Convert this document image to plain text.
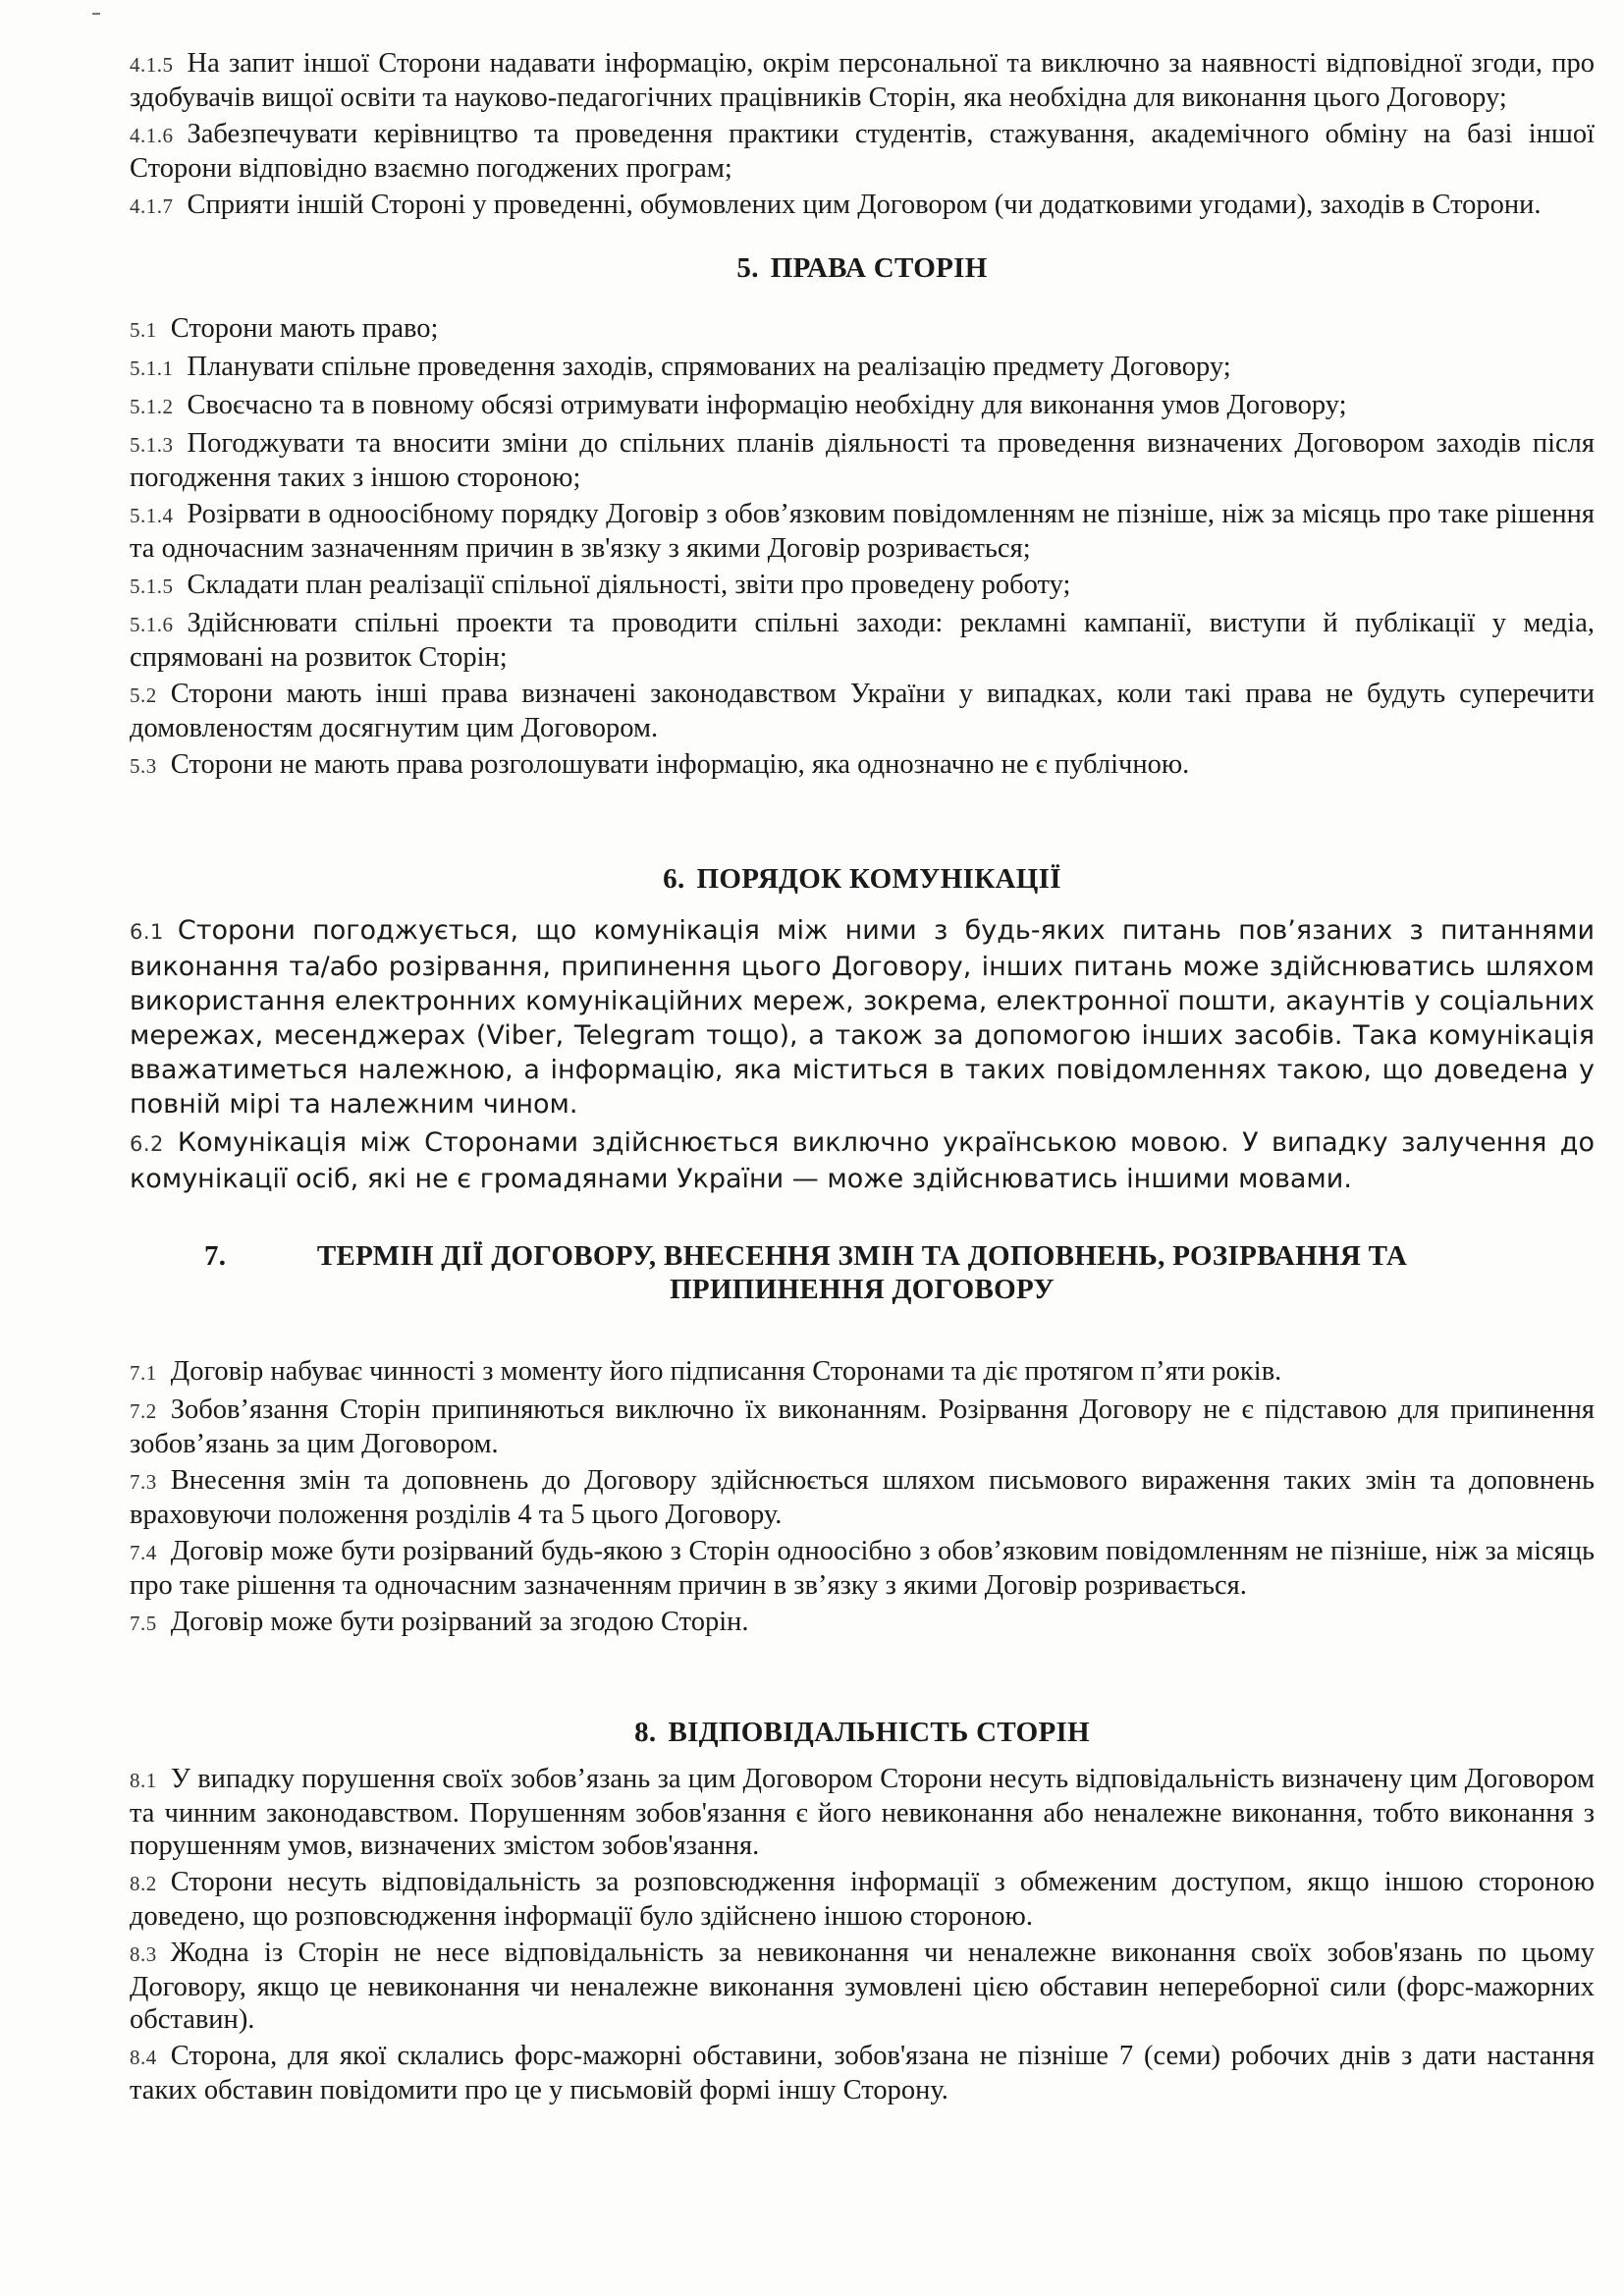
4.1.5 На запит іншої Сторони надавати інформацію, окрім персональної та виключно за наявності відповідної згоди, про здобувачів вищої освіти та науково-педагогічних працівників Сторін, яка необхідна для виконання цього Договору;

4.1.6 Забезпечувати керівництво та проведення практики студентів, стажування, академічного обміну на базі іншої Сторони відповідно взаємно погоджених програм;

4.1.7 Сприяти іншій Стороні у проведенні, обумовлених цим Договором (чи додатковими угодами), заходів в Сторони.

5. ПРАВА СТОРІН

5.1 Сторони мають право;

5.1.1 Планувати спільне проведення заходів, спрямованих на реалізацію предмету Договору;

5.1.2 Своєчасно та в повному обсязі отримувати інформацію необхідну для виконання умов Договору;

5.1.3 Погоджувати та вносити зміни до спільних планів діяльності та проведення визначених Договором заходів після погодження таких з іншою стороною;

5.1.4 Розірвати в одноосібному порядку Договір з обов’язковим повідомленням не пізніше, ніж за місяць про таке рішення та одночасним зазначенням причин в зв'язку з якими Договір розривається;

5.1.5 Складати план реалізації спільної діяльності, звіти про проведену роботу;

5.1.6 Здійснювати спільні проекти та проводити спільні заходи: рекламні кампанії, виступи й публікації у медіа, спрямовані на розвиток Сторін;

5.2 Сторони мають інші права визначені законодавством України у випадках, коли такі права не будуть суперечити домовленостям досягнутим цим Договором.

5.3 Сторони не мають права розголошувати інформацію, яка однозначно не є публічною.

6. ПОРЯДОК КОМУНІКАЦІЇ

6.1 Сторони погоджується, що комунікація між ними з будь-яких питань пов’язаних з питаннями виконання та/або розірвання, припинення цього Договору, інших питань може здійснюватись шляхом використання електронних комунікаційних мереж, зокрема, електронної пошти, акаунтів у соціальних мережах, месенджерах (Viber, Telegram тощо), а також за допомогою інших засобів. Така комунікація вважатиметься належною, а інформацію, яка міститься в таких повідомленнях такою, що доведена у повній мірі та належним чином.

6.2 Комунікація між Сторонами здійснюється виключно українською мовою. У випадку залучення до комунікації осіб, які не є громадянами України — може здійснюватись іншими мовами.

7.	ТЕРМІН ДІЇ ДОГОВОРУ, ВНЕСЕННЯ ЗМІН ТА ДОПОВНЕНЬ, РОЗІРВАННЯ ТА
ПРИПИНЕННЯ ДОГОВОРУ

7.1 Договір набуває чинності з моменту його підписання Сторонами та діє протягом п’яти років.

7.2 Зобов’язання Сторін припиняються виключно їх виконанням. Розірвання Договору не є підставою для припинення зобов’язань за цим Договором.

7.3 Внесення змін та доповнень до Договору здійснюється шляхом письмового вираження таких змін та доповнень враховуючи положення розділів 4 та 5 цього Договору.

7.4 Договір може бути розірваний будь-якою з Сторін одноосібно з обов’язковим повідомленням не пізніше, ніж за місяць про таке рішення та одночасним зазначенням причин в зв’язку з якими Договір розривається.

7.5 Договір може бути розірваний за згодою Сторін.

8. ВІДПОВІДАЛЬНІСТЬ СТОРІН

8.1 У випадку порушення своїх зобов’язань за цим Договором Сторони несуть відповідальність визначену цим Договором та чинним законодавством. Порушенням зобов'язання є його невиконання або неналежне виконання, тобто виконання з порушенням умов, визначених змістом зобов'язання.

8.2 Сторони несуть відповідальність за розповсюдження інформації з обмеженим доступом, якщо іншою стороною доведено, що розповсюдження інформації було здійснено іншою стороною.

8.3 Жодна із Сторін не несе відповідальність за невиконання чи неналежне виконання своїх зобов'язань по цьому Договору, якщо це невиконання чи неналежне виконання зумовлені цією обставин непереборної сили (форс-мажорних обставин).

8.4 Сторона, для якої склались форс-мажорні обставини, зобов'язана не пізніше 7 (семи) робочих днів з дати настання таких обставин повідомити про це у письмовій формі іншу Сторону.
